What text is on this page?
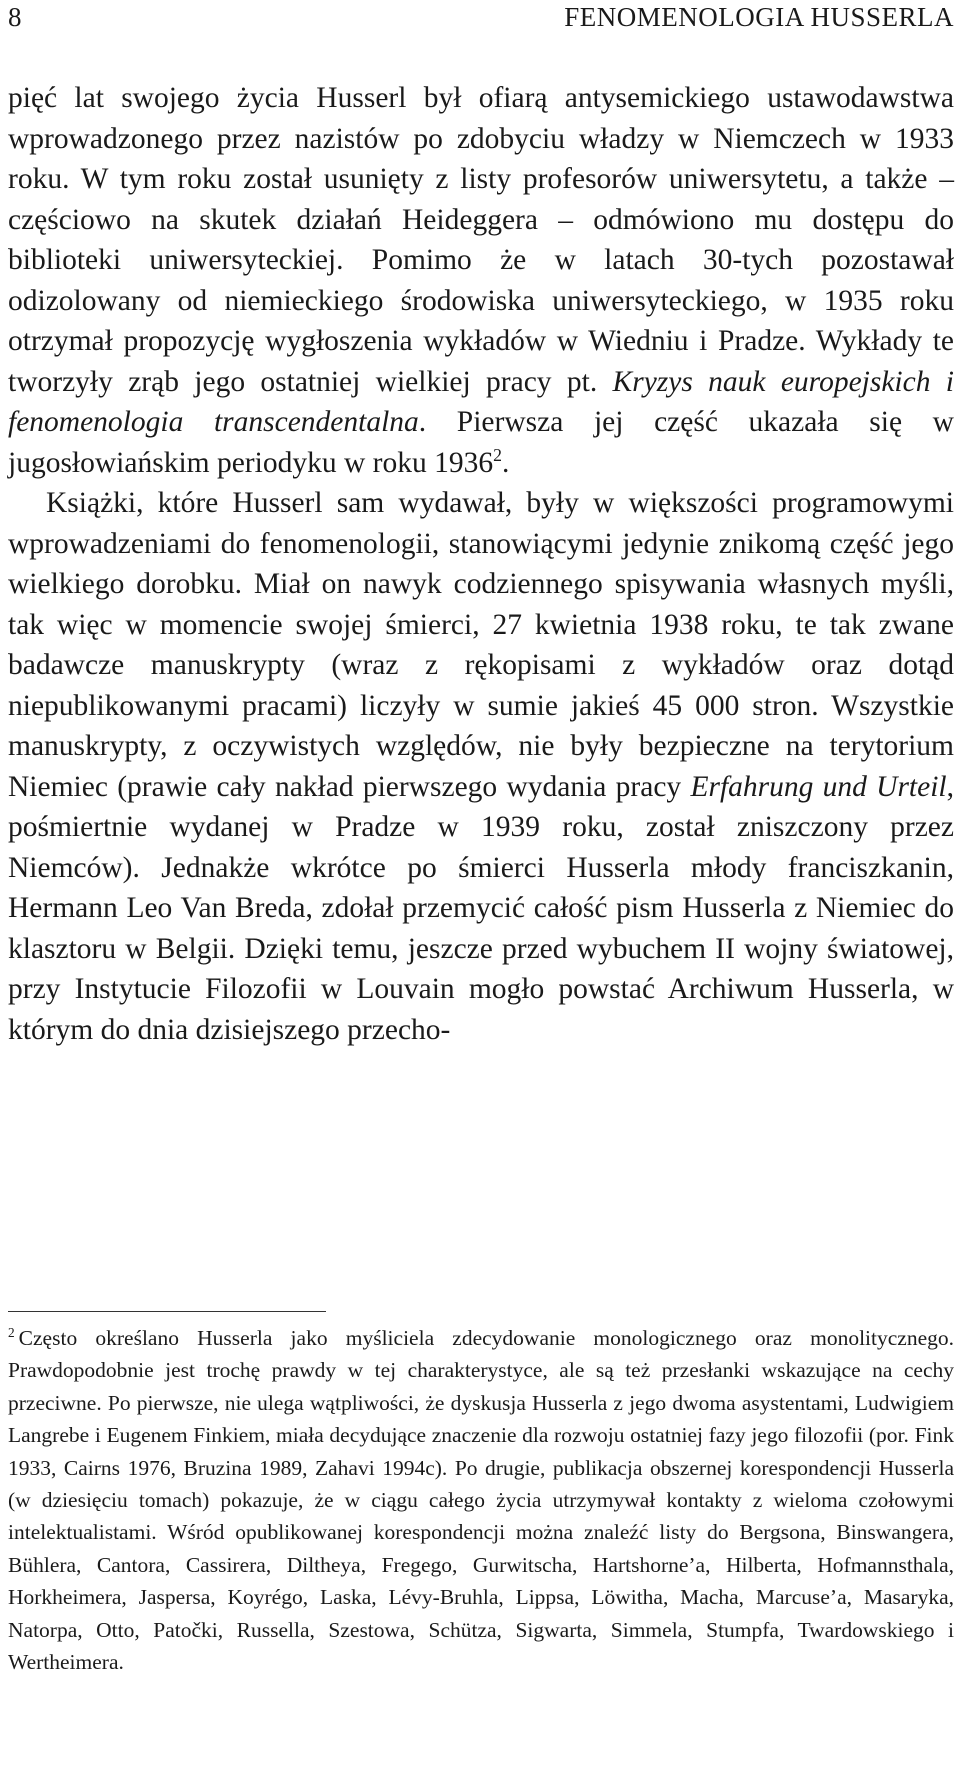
8	FENOMENOLOGIA HUSSERLA

pięć lat swojego życia Husserl był ofiarą antysemickiego ustawodawstwa wprowadzonego przez nazistów po zdobyciu władzy w Niemczech w 1933 roku. W tym roku został usunięty z listy profesorów uniwersytetu, a także – częściowo na skutek działań Heideggera – odmówiono mu dostępu do biblioteki uniwersyteckiej. Pomimo że w latach 30-tych pozostawał odizolowany od niemieckiego środowiska uniwersyteckiego, w 1935 roku otrzymał propozycję wygłoszenia wykładów w Wiedniu i Pradze. Wykłady te tworzyły zrąb jego ostatniej wielkiej pracy pt. Kryzys nauk europejskich i fenomenologia transcendentalna. Pierwsza jej część ukazała się w jugosłowiańskim periodyku w roku 1936$^2$.

Książki, które Husserl sam wydawał, były w większości programowymi wprowadzeniami do fenomenologii, stanowiącymi jedynie znikomą część jego wielkiego dorobku. Miał on nawyk codziennego spisywania własnych myśli, tak więc w momencie swojej śmierci, 27 kwietnia 1938 roku, te tak zwane badawcze manuskrypty (wraz z rękopisami z wykładów oraz dotąd niepublikowanymi pracami) liczyły w sumie jakieś 45 000 stron. Wszystkie manuskrypty, z oczywistych względów, nie były bezpieczne na terytorium Niemiec (prawie cały nakład pierwszego wydania pracy Erfahrung und Urteil, pośmiertnie wydanej w Pradze w 1939 roku, został zniszczony przez Niemców). Jednakże wkrótce po śmierci Husserla młody franciszkanin, Hermann Leo Van Breda, zdołał przemycić całość pism Husserla z Niemiec do klasztoru w Belgii. Dzięki temu, jeszcze przed wybuchem II wojny światowej, przy Instytucie Filozofii w Louvain mogło powstać Archiwum Husserla, w którym do dnia dzisiejszego przecho-

$^2$ Często określano Husserla jako myśliciela zdecydowanie monologicznego oraz monolitycznego. Prawdopodobnie jest trochę prawdy w tej charakterystyce, ale są też przesłanki wskazujące na cechy przeciwne. Po pierwsze, nie ulega wątpliwości, że dyskusja Husserla z jego dwoma asystentami, Ludwigiem Langrebe i Eugenem Finkiem, miała decydujące znaczenie dla rozwoju ostatniej fazy jego filozofii (por. Fink 1933, Cairns 1976, Bruzina 1989, Zahavi 1994c). Po drugie, publikacja obszernej korespondencji Husserla (w dziesięciu tomach) pokazuje, że w ciągu całego życia utrzymywał kontakty z wieloma czołowymi intelektualistami. Wśród opublikowanej korespondencji można znaleźć listy do Bergsona, Binswangera, Bühlera, Cantora, Cassirera, Diltheya, Fregego, Gurwitscha, Hartshorne’a, Hilberta, Hofmannsthala, Horkheimera, Jaspersa, Koyrégo, Laska, Lévy-Bruhla, Lippsa, Löwitha, Macha, Marcuse’a, Masaryka, Natorpa, Otto, Patočki, Russella, Szestowa, Schütza, Sigwarta, Simmela, Stumpfa, Twardowskiego i Wertheimera.
